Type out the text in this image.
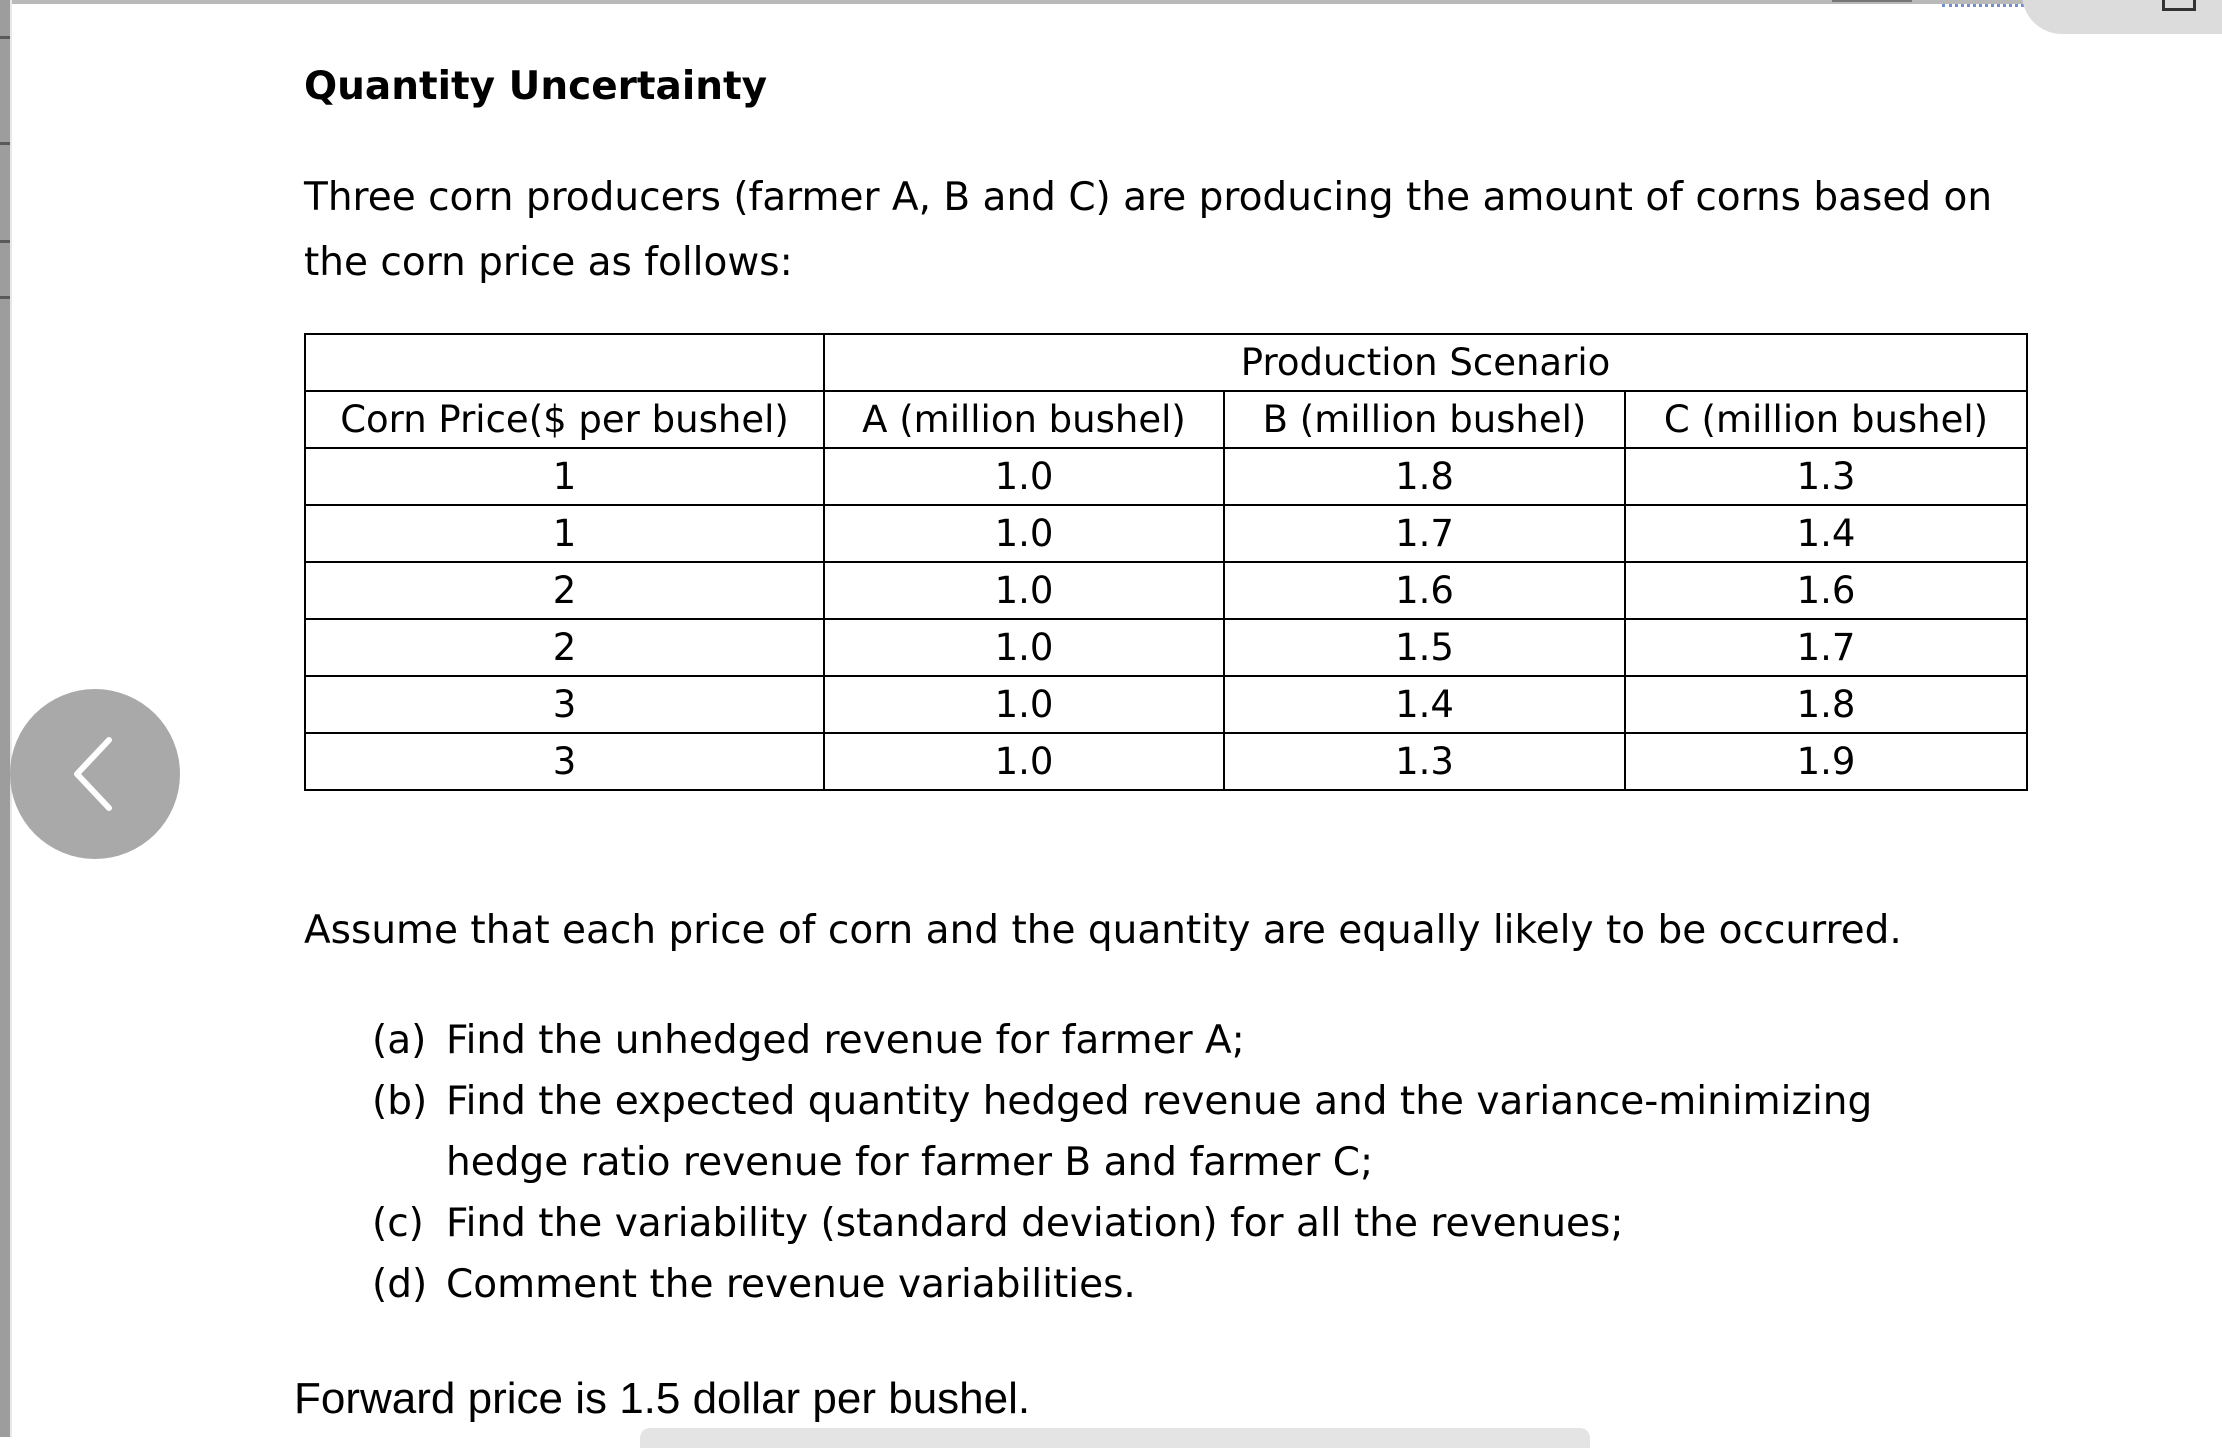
Quantity Uncertainty

Three corn producers (farmer A, B and C) are producing the amount of corns based on the corn price as follows:

	Production Scenario		
Corn Price($ per bushel)	A (million bushel)	B (million bushel)	C (million bushel)
1	1.0	1.8	1.3
1	1.0	1.7	1.4
2	1.0	1.6	1.6
2	1.0	1.5	1.7
3	1.0	1.4	1.8
3	1.0	1.3	1.9

Assume that each price of corn and the quantity are equally likely to be occurred.

(a) Find the unhedged revenue for farmer A;
(b) Find the expected quantity hedged revenue and the variance-minimizing hedge ratio revenue for farmer B and farmer C;
(c) Find the variability (standard deviation) for all the revenues;
(d) Comment the revenue variabilities.

Forward price is 1.5 dollar per bushel.
